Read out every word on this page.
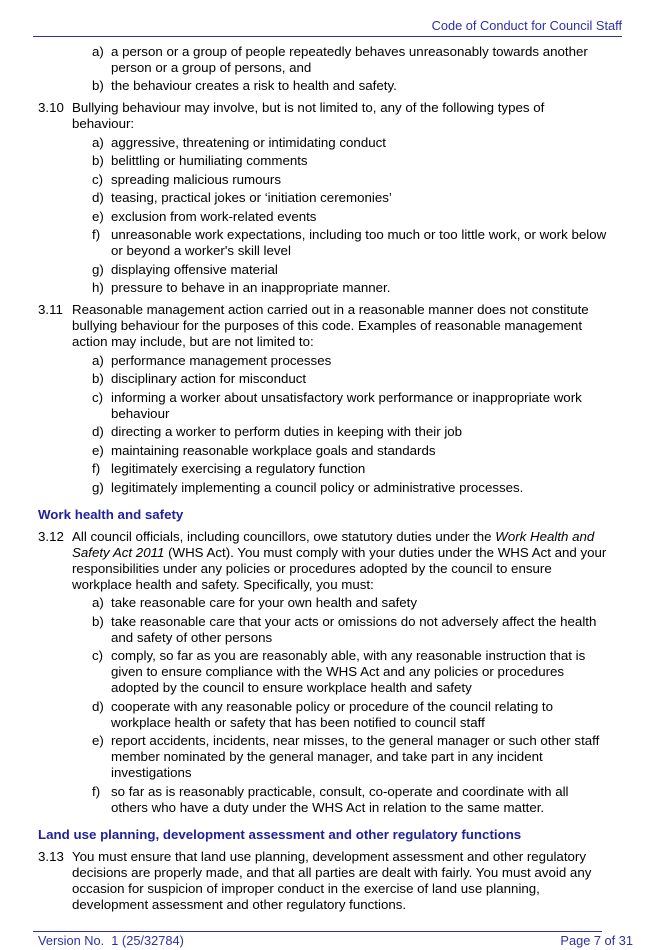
Code of Conduct for Council Staff
a) a person or a group of people repeatedly behaves unreasonably towards another person or a group of persons, and
b) the behaviour creates a risk to health and safety.
3.10 Bullying behaviour may involve, but is not limited to, any of the following types of behaviour:
a) aggressive, threatening or intimidating conduct
b) belittling or humiliating comments
c) spreading malicious rumours
d) teasing, practical jokes or ‘initiation ceremonies’
e) exclusion from work-related events
f) unreasonable work expectations, including too much or too little work, or work below or beyond a worker's skill level
g) displaying offensive material
h) pressure to behave in an inappropriate manner.
3.11 Reasonable management action carried out in a reasonable manner does not constitute bullying behaviour for the purposes of this code. Examples of reasonable management action may include, but are not limited to:
a) performance management processes
b) disciplinary action for misconduct
c) informing a worker about unsatisfactory work performance or inappropriate work behaviour
d) directing a worker to perform duties in keeping with their job
e) maintaining reasonable workplace goals and standards
f) legitimately exercising a regulatory function
g) legitimately implementing a council policy or administrative processes.
Work health and safety
3.12 All council officials, including councillors, owe statutory duties under the Work Health and Safety Act 2011 (WHS Act). You must comply with your duties under the WHS Act and your responsibilities under any policies or procedures adopted by the council to ensure workplace health and safety. Specifically, you must:
a) take reasonable care for your own health and safety
b) take reasonable care that your acts or omissions do not adversely affect the health and safety of other persons
c) comply, so far as you are reasonably able, with any reasonable instruction that is given to ensure compliance with the WHS Act and any policies or procedures adopted by the council to ensure workplace health and safety
d) cooperate with any reasonable policy or procedure of the council relating to workplace health or safety that has been notified to council staff
e) report accidents, incidents, near misses, to the general manager or such other staff member nominated by the general manager, and take part in any incident investigations
f) so far as is reasonably practicable, consult, co-operate and coordinate with all others who have a duty under the WHS Act in relation to the same matter.
Land use planning, development assessment and other regulatory functions
3.13 You must ensure that land use planning, development assessment and other regulatory decisions are properly made, and that all parties are dealt with fairly. You must avoid any occasion for suspicion of improper conduct in the exercise of land use planning, development assessment and other regulatory functions.
Version No.  1 (25/32784)	Page 7 of 31
